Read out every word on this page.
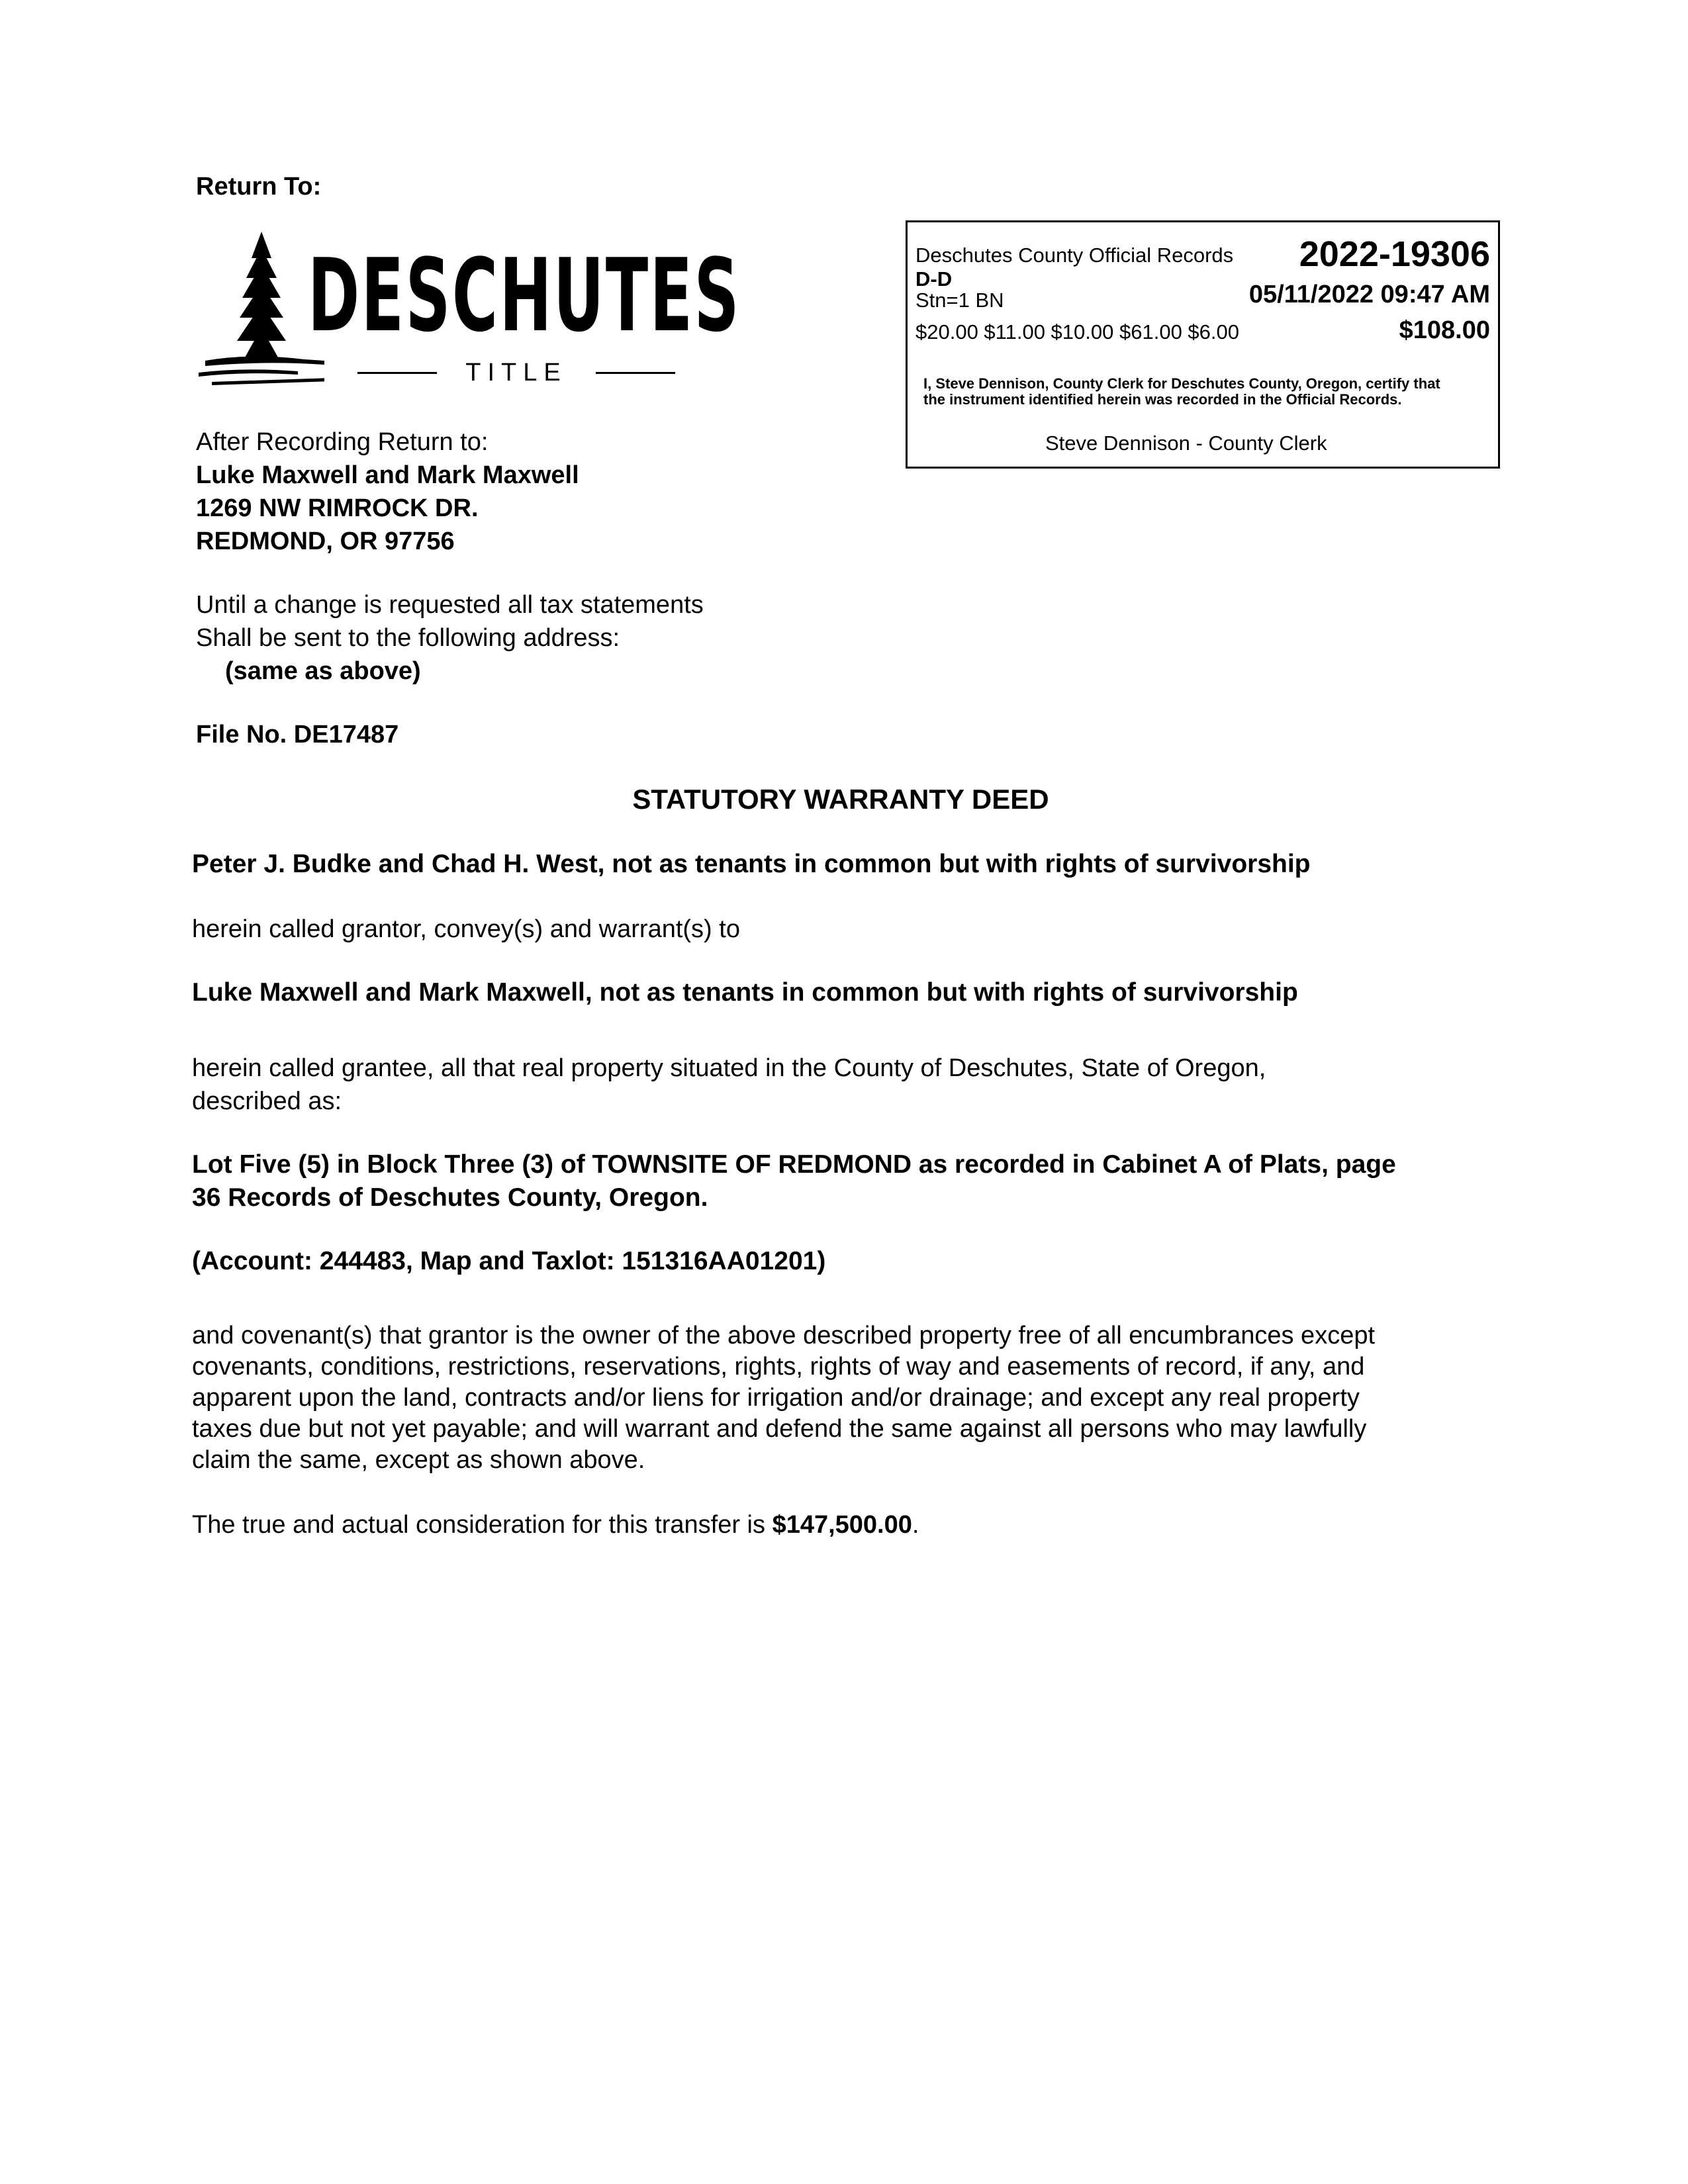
Return To:
DESCHUTES
TITLE
Deschutes County Official Records 2022-19306
D-D
Stn=1 BN	05/11/2022 09:47 AM
$20.00 $11.00 $10.00 $61.00 $6.00	$108.00
I, Steve Dennison, County Clerk for Deschutes County, Oregon, certify that the instrument identified herein was recorded in the Official Records.
Steve Dennison - County Clerk
After Recording Return to:
Luke Maxwell and Mark Maxwell
1269 NW RIMROCK DR.
REDMOND, OR 97756
Until a change is requested all tax statements
Shall be sent to the following address:
(same as above)
File No. DE17487
STATUTORY WARRANTY DEED
Peter J. Budke and Chad H. West, not as tenants in common but with rights of survivorship
herein called grantor, convey(s) and warrant(s) to
Luke Maxwell and Mark Maxwell, not as tenants in common but with rights of survivorship
herein called grantee, all that real property situated in the County of Deschutes, State of Oregon,
described as:
Lot Five (5) in Block Three (3) of TOWNSITE OF REDMOND as recorded in Cabinet A of Plats, page
36 Records of Deschutes County, Oregon.
(Account: 244483, Map and Taxlot: 151316AA01201)
and covenant(s) that grantor is the owner of the above described property free of all encumbrances except
covenants, conditions, restrictions, reservations, rights, rights of way and easements of record, if any, and
apparent upon the land, contracts and/or liens for irrigation and/or drainage; and except any real property
taxes due but not yet payable; and will warrant and defend the same against all persons who may lawfully
claim the same, except as shown above.
The true and actual consideration for this transfer is $147,500.00.
